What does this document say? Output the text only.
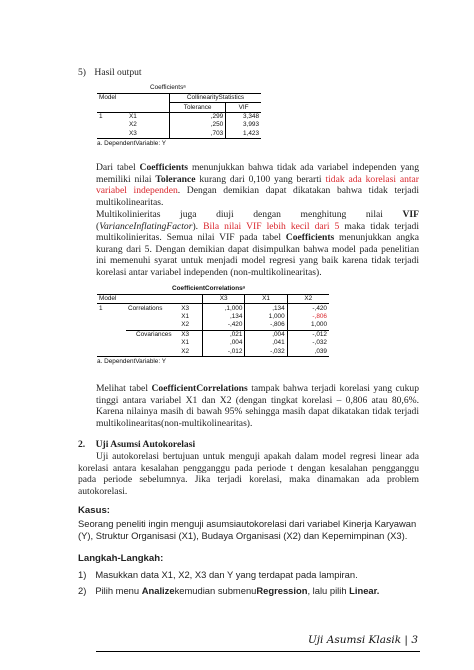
5) Hasil output
Coefficientsᵃ
Model		CollinearityStatistics	
		Tolerance	VIF
1	X1	,299	3,348
	X2	,250	3,993
	X3	,703	1,423
a. DependentVariable: Y
Dari tabel Coefficients menunjukkan bahwa tidak ada variabel independen yang memiliki nilai Tolerance kurang dari 0,100 yang berarti tidak ada korelasi antar variabel independen. Dengan demikian dapat dikatakan bahwa tidak terjadi multikolinearitas.
Multikolinieritas juga diuji dengan menghitung nilai VIF (VarianceInflatingFactor). Bila nilai VIF lebih kecil dari 5 maka tidak terjadi multikolinieritas. Semua nilai VIF pada tabel Coefficients menunjukkan angka kurang dari 5. Dengan demikian dapat disimpulkan bahwa model pada penelitian ini memenuhi syarat untuk menjadi model regresi yang baik karena tidak terjadi korelasi antar variabel independen (non-multikolinearitas).
CoefficientCorrelationsᵃ
Model			X3	X1	X2
1	Correlations	X3	,1,000	,134	-,420
		X1	,134	1,000	-,806
		X2	-,420	-,806	1,000
	Covariances	X3	,021	,004	-,012
		X1	,004	,041	-,032
		X2	-,012	-,032	,039
a. DependentVariable: Y
Melihat tabel CoefficientCorrelations tampak bahwa terjadi korelasi yang cukup tinggi antara variabel X1 dan X2 (dengan tingkat korelasi – 0,806 atau 80,6%. Karena nilainya masih di bawah 95% sehingga masih dapat dikatakan tidak terjadi multikolinearitas(non-multikolinearitas).
2. Uji Asumsi Autokorelasi
Uji autokorelasi bertujuan untuk menguji apakah dalam model regresi linear ada korelasi antara kesalahan pengganggu pada periode t dengan kesalahan pengganggu pada periode sebelumnya. Jika terjadi korelasi, maka dinamakan ada problem autokorelasi.
Kasus:
Seorang peneliti ingin menguji asumsiautokorelasi dari variabel Kinerja Karyawan (Y), Struktur Organisasi (X1), Budaya Organisasi (X2) dan Kepemimpinan (X3).
Langkah-Langkah:
1) Masukkan data X1, X2, X3 dan Y yang terdapat pada lampiran.
2) Pilih menu Analizekemudian submenuRegression, lalu pilih Linear.
Uji Asumsi Klasik | 3
